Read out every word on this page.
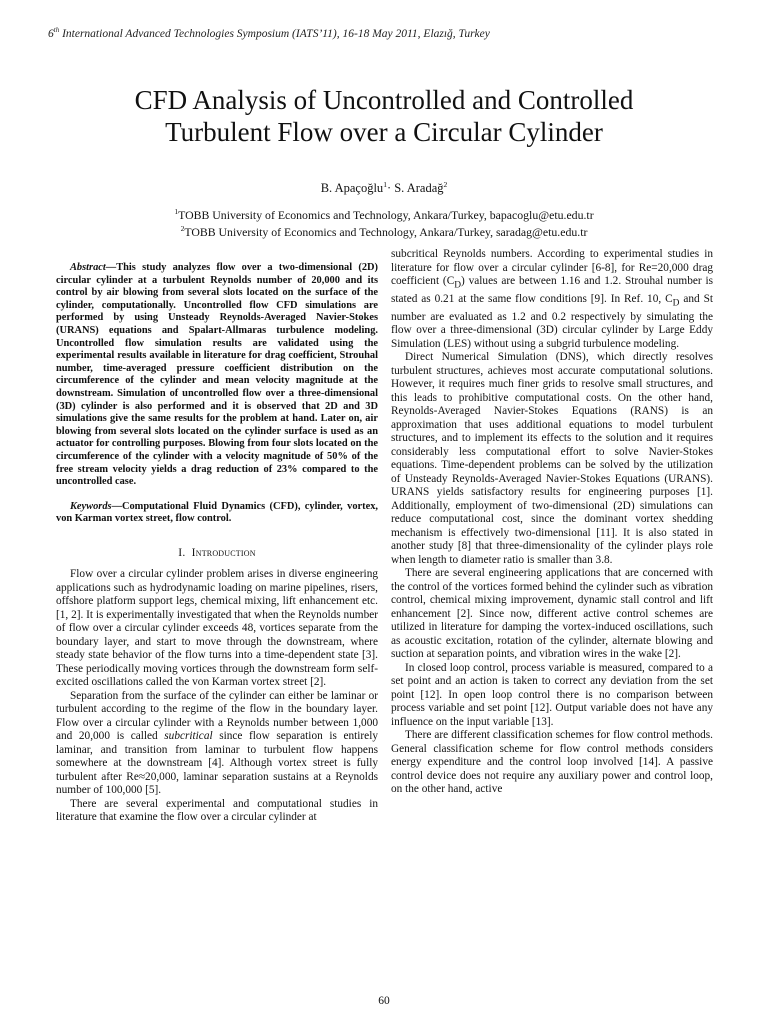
6th International Advanced Technologies Symposium (IATS’11), 16-18 May 2011, Elazığ, Turkey
CFD Analysis of Uncontrolled and Controlled
Turbulent Flow over a Circular Cylinder
B. Apaçoğlu$^1$· S. Aradağ$^2$
$^1$TOBB University of Economics and Technology, Ankara/Turkey, bapacoglu@etu.edu.tr
$^2$TOBB University of Economics and Technology, Ankara/Turkey, saradag@etu.edu.tr

Abstract—This study analyzes flow over a two-dimensional (2D) circular cylinder at a turbulent Reynolds number of 20,000 and its control by air blowing from several slots located on the surface of the cylinder, computationally. Uncontrolled flow CFD simulations are performed by using Unsteady Reynolds-Averaged Navier-Stokes (URANS) equations and Spalart-Allmaras turbulence modeling. Uncontrolled flow simulation results are validated using the experimental results available in literature for drag coefficient, Strouhal number, time-averaged pressure coefficient distribution on the circumference of the cylinder and mean velocity magnitude at the downstream. Simulation of uncontrolled flow over a three-dimensional (3D) cylinder is also performed and it is observed that 2D and 3D simulations give the same results for the problem at hand. Later on, air blowing from several slots located on the cylinder surface is used as an actuator for controlling purposes. Blowing from four slots located on the circumference of the cylinder with a velocity magnitude of 50% of the free stream velocity yields a drag reduction of 23% compared to the uncontrolled case.

Keywords—Computational Fluid Dynamics (CFD), cylinder, vortex, von Karman vortex street, flow control.

I. Introduction

Flow over a circular cylinder problem arises in diverse engineering applications such as hydrodynamic loading on marine pipelines, risers, offshore platform support legs, chemical mixing, lift enhancement etc. [1, 2]. It is experimentally investigated that when the Reynolds number of flow over a circular cylinder exceeds 48, vortices separate from the boundary layer, and start to move through the downstream, where steady state behavior of the flow turns into a time-dependent state [3]. These periodically moving vortices through the downstream form self-excited oscillations called the von Karman vortex street [2].

Separation from the surface of the cylinder can either be laminar or turbulent according to the regime of the flow in the boundary layer. Flow over a circular cylinder with a Reynolds number between 1,000 and 20,000 is called subcritical since flow separation is entirely laminar, and transition from laminar to turbulent flow happens somewhere at the downstream [4]. Although vortex street is fully turbulent after Re≈20,000, laminar separation sustains at a Reynolds number of 100,000 [5].

There are several experimental and computational studies in literature that examine the flow over a circular cylinder at

subcritical Reynolds numbers. According to experimental studies in literature for flow over a circular cylinder [6-8], for Re=20,000 drag coefficient $(C_D)$ values are between 1.16 and 1.2. Strouhal number is stated as 0.21 at the same flow conditions [9]. In Ref. 10, $C_D$ and St number are evaluated as 1.2 and 0.2 respectively by simulating the flow over a three-dimensional (3D) circular cylinder by Large Eddy Simulation (LES) without using a subgrid turbulence modeling.

Direct Numerical Simulation (DNS), which directly resolves turbulent structures, achieves most accurate computational solutions. However, it requires much finer grids to resolve small structures, and this leads to prohibitive computational costs. On the other hand, Reynolds-Averaged Navier-Stokes Equations (RANS) is an approximation that uses additional equations to model turbulent structures, and to implement its effects to the solution and it requires considerably less computational effort to solve Navier-Stokes equations. Time-dependent problems can be solved by the utilization of Unsteady Reynolds-Averaged Navier-Stokes Equations (URANS). URANS yields satisfactory results for engineering purposes [1]. Additionally, employment of two-dimensional (2D) simulations can reduce computational cost, since the dominant vortex shedding mechanism is effectively two-dimensional [11]. It is also stated in another study [8] that three-dimensionality of the cylinder plays role when length to diameter ratio is smaller than 3.8.

There are several engineering applications that are concerned with the control of the vortices formed behind the cylinder such as vibration control, chemical mixing improvement, dynamic stall control and lift enhancement [2]. Since now, different active control schemes are utilized in literature for damping the vortex-induced oscillations, such as acoustic excitation, rotation of the cylinder, alternate blowing and suction at separation points, and vibration wires in the wake [2].

In closed loop control, process variable is measured, compared to a set point and an action is taken to correct any deviation from the set point [12]. In open loop control there is no comparison between process variable and set point [12]. Output variable does not have any influence on the input variable [13].

There are different classification schemes for flow control methods. General classification scheme for flow control methods considers energy expenditure and the control loop involved [14]. A passive control device does not require any auxiliary power and control loop, on the other hand, active

60
